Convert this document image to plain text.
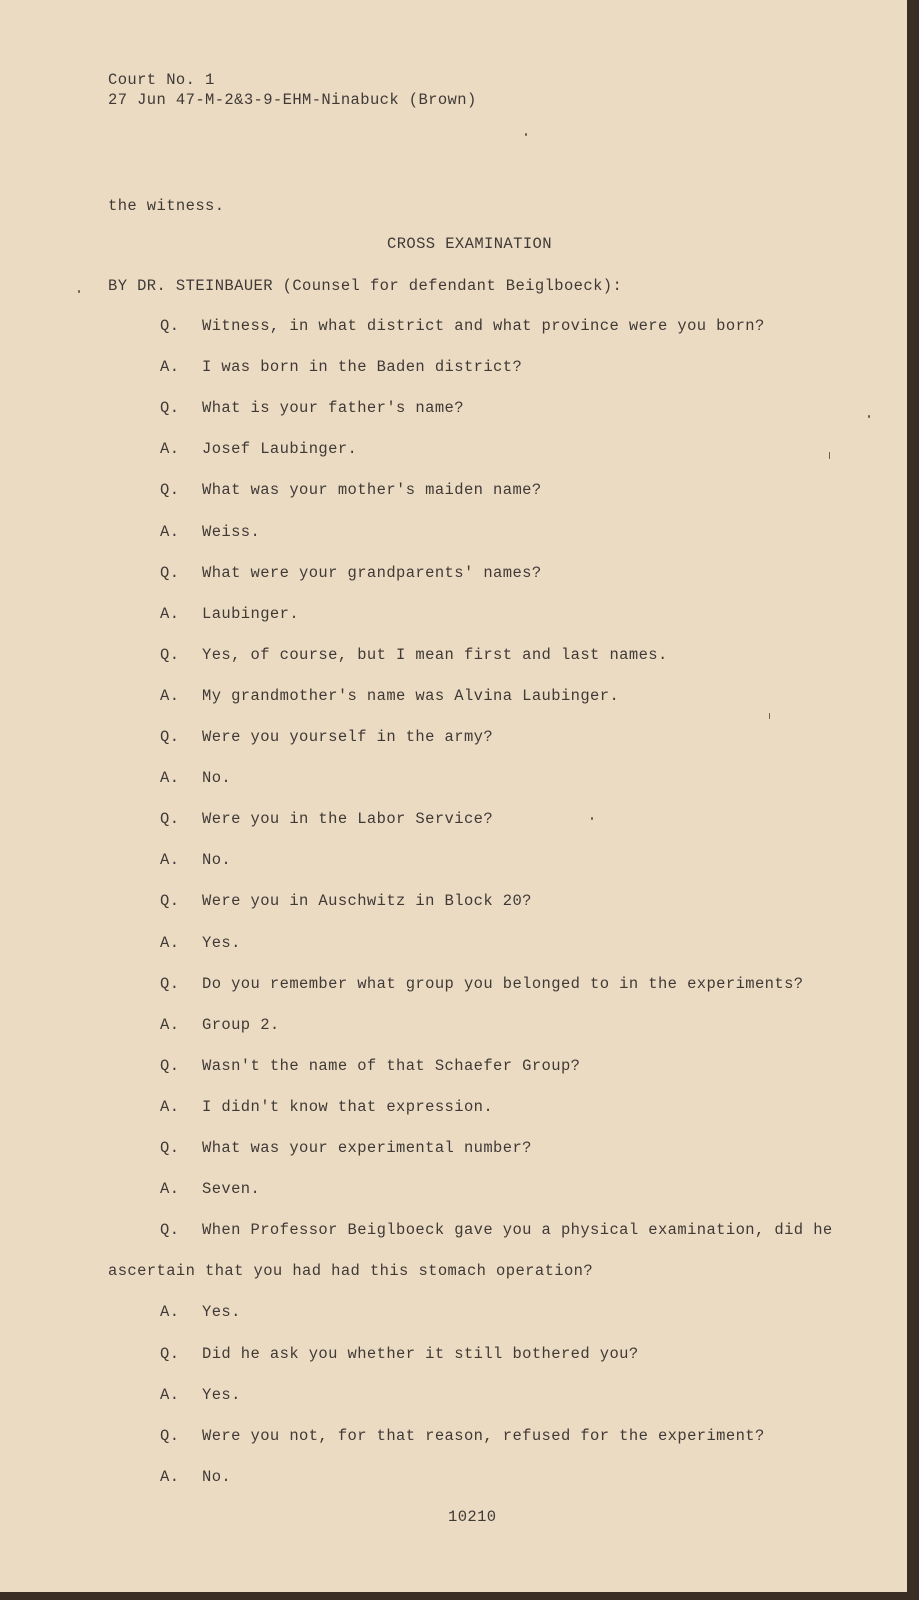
Court No. 1
27 Jun 47-M-2&3-9-EHM-Ninabuck (Brown)
the witness.
CROSS EXAMINATION
BY DR. STEINBAUER (Counsel for defendant Beiglboeck):
Q. Witness, in what district and what province were you born?
A. I was born in the Baden district?
Q. What is your father's name?
A. Josef Laubinger.
Q. What was your mother's maiden name?
A. Weiss.
Q. What were your grandparents' names?
A. Laubinger.
Q. Yes, of course, but I mean first and last names.
A. My grandmother's name was Alvina Laubinger.
Q. Were you yourself in the army?
A. No.
Q. Were you in the Labor Service?
A. No.
Q. Were you in Auschwitz in Block 20?
A. Yes.
Q. Do you remember what group you belonged to in the experiments?
A. Group 2.
Q. Wasn't the name of that Schaefer Group?
A. I didn't know that expression.
Q. What was your experimental number?
A. Seven.
Q. When Professor Beiglboeck gave you a physical examination, did he
ascertain that you had had this stomach operation?
A. Yes.
Q. Did he ask you whether it still bothered you?
A. Yes.
Q. Were you not, for that reason, refused for the experiment?
A. No.
10210
